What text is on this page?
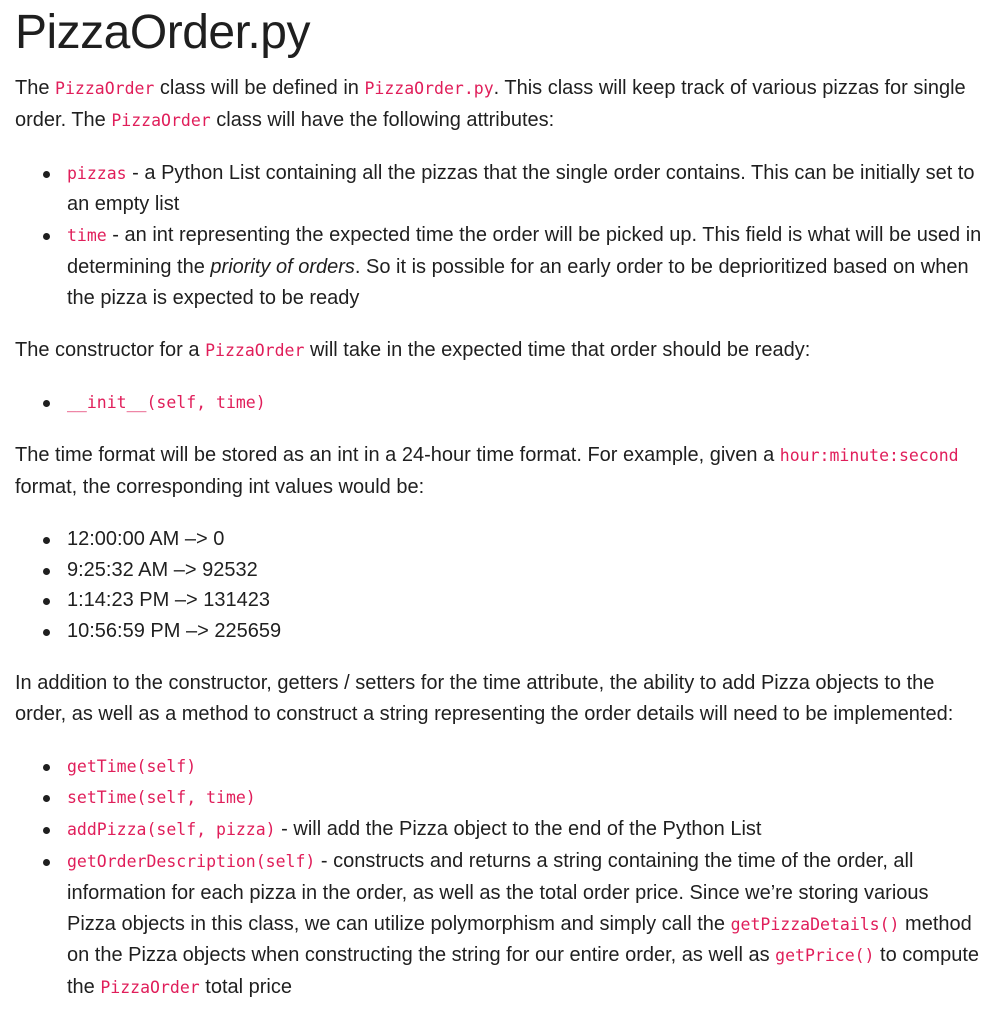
PizzaOrder.py

The PizzaOrder class will be defined in PizzaOrder.py. This class will keep track of various pizzas for single order. The PizzaOrder class will have the following attributes:

pizzas - a Python List containing all the pizzas that the single order contains. This can be initially set to an empty list
time - an int representing the expected time the order will be picked up. This field is what will be used in determining the priority of orders. So it is possible for an early order to be deprioritized based on when the pizza is expected to be ready

The constructor for a PizzaOrder will take in the expected time that order should be ready:

__init__(self, time)

The time format will be stored as an int in a 24-hour time format. For example, given a hour:minute:second format, the corresponding int values would be:

12:00:00 AM –> 0
9:25:32 AM –> 92532
1:14:23 PM –> 131423
10:56:59 PM –> 225659

In addition to the constructor, getters / setters for the time attribute, the ability to add Pizza objects to the order, as well as a method to construct a string representing the order details will need to be implemented:

getTime(self)
setTime(self, time)
addPizza(self, pizza) - will add the Pizza object to the end of the Python List
getOrderDescription(self) - constructs and returns a string containing the time of the order, all information for each pizza in the order, as well as the total order price. Since we’re storing various Pizza objects in this class, we can utilize polymorphism and simply call the getPizzaDetails() method on the Pizza objects when constructing the string for our entire order, as well as getPrice() to compute the PizzaOrder total price
